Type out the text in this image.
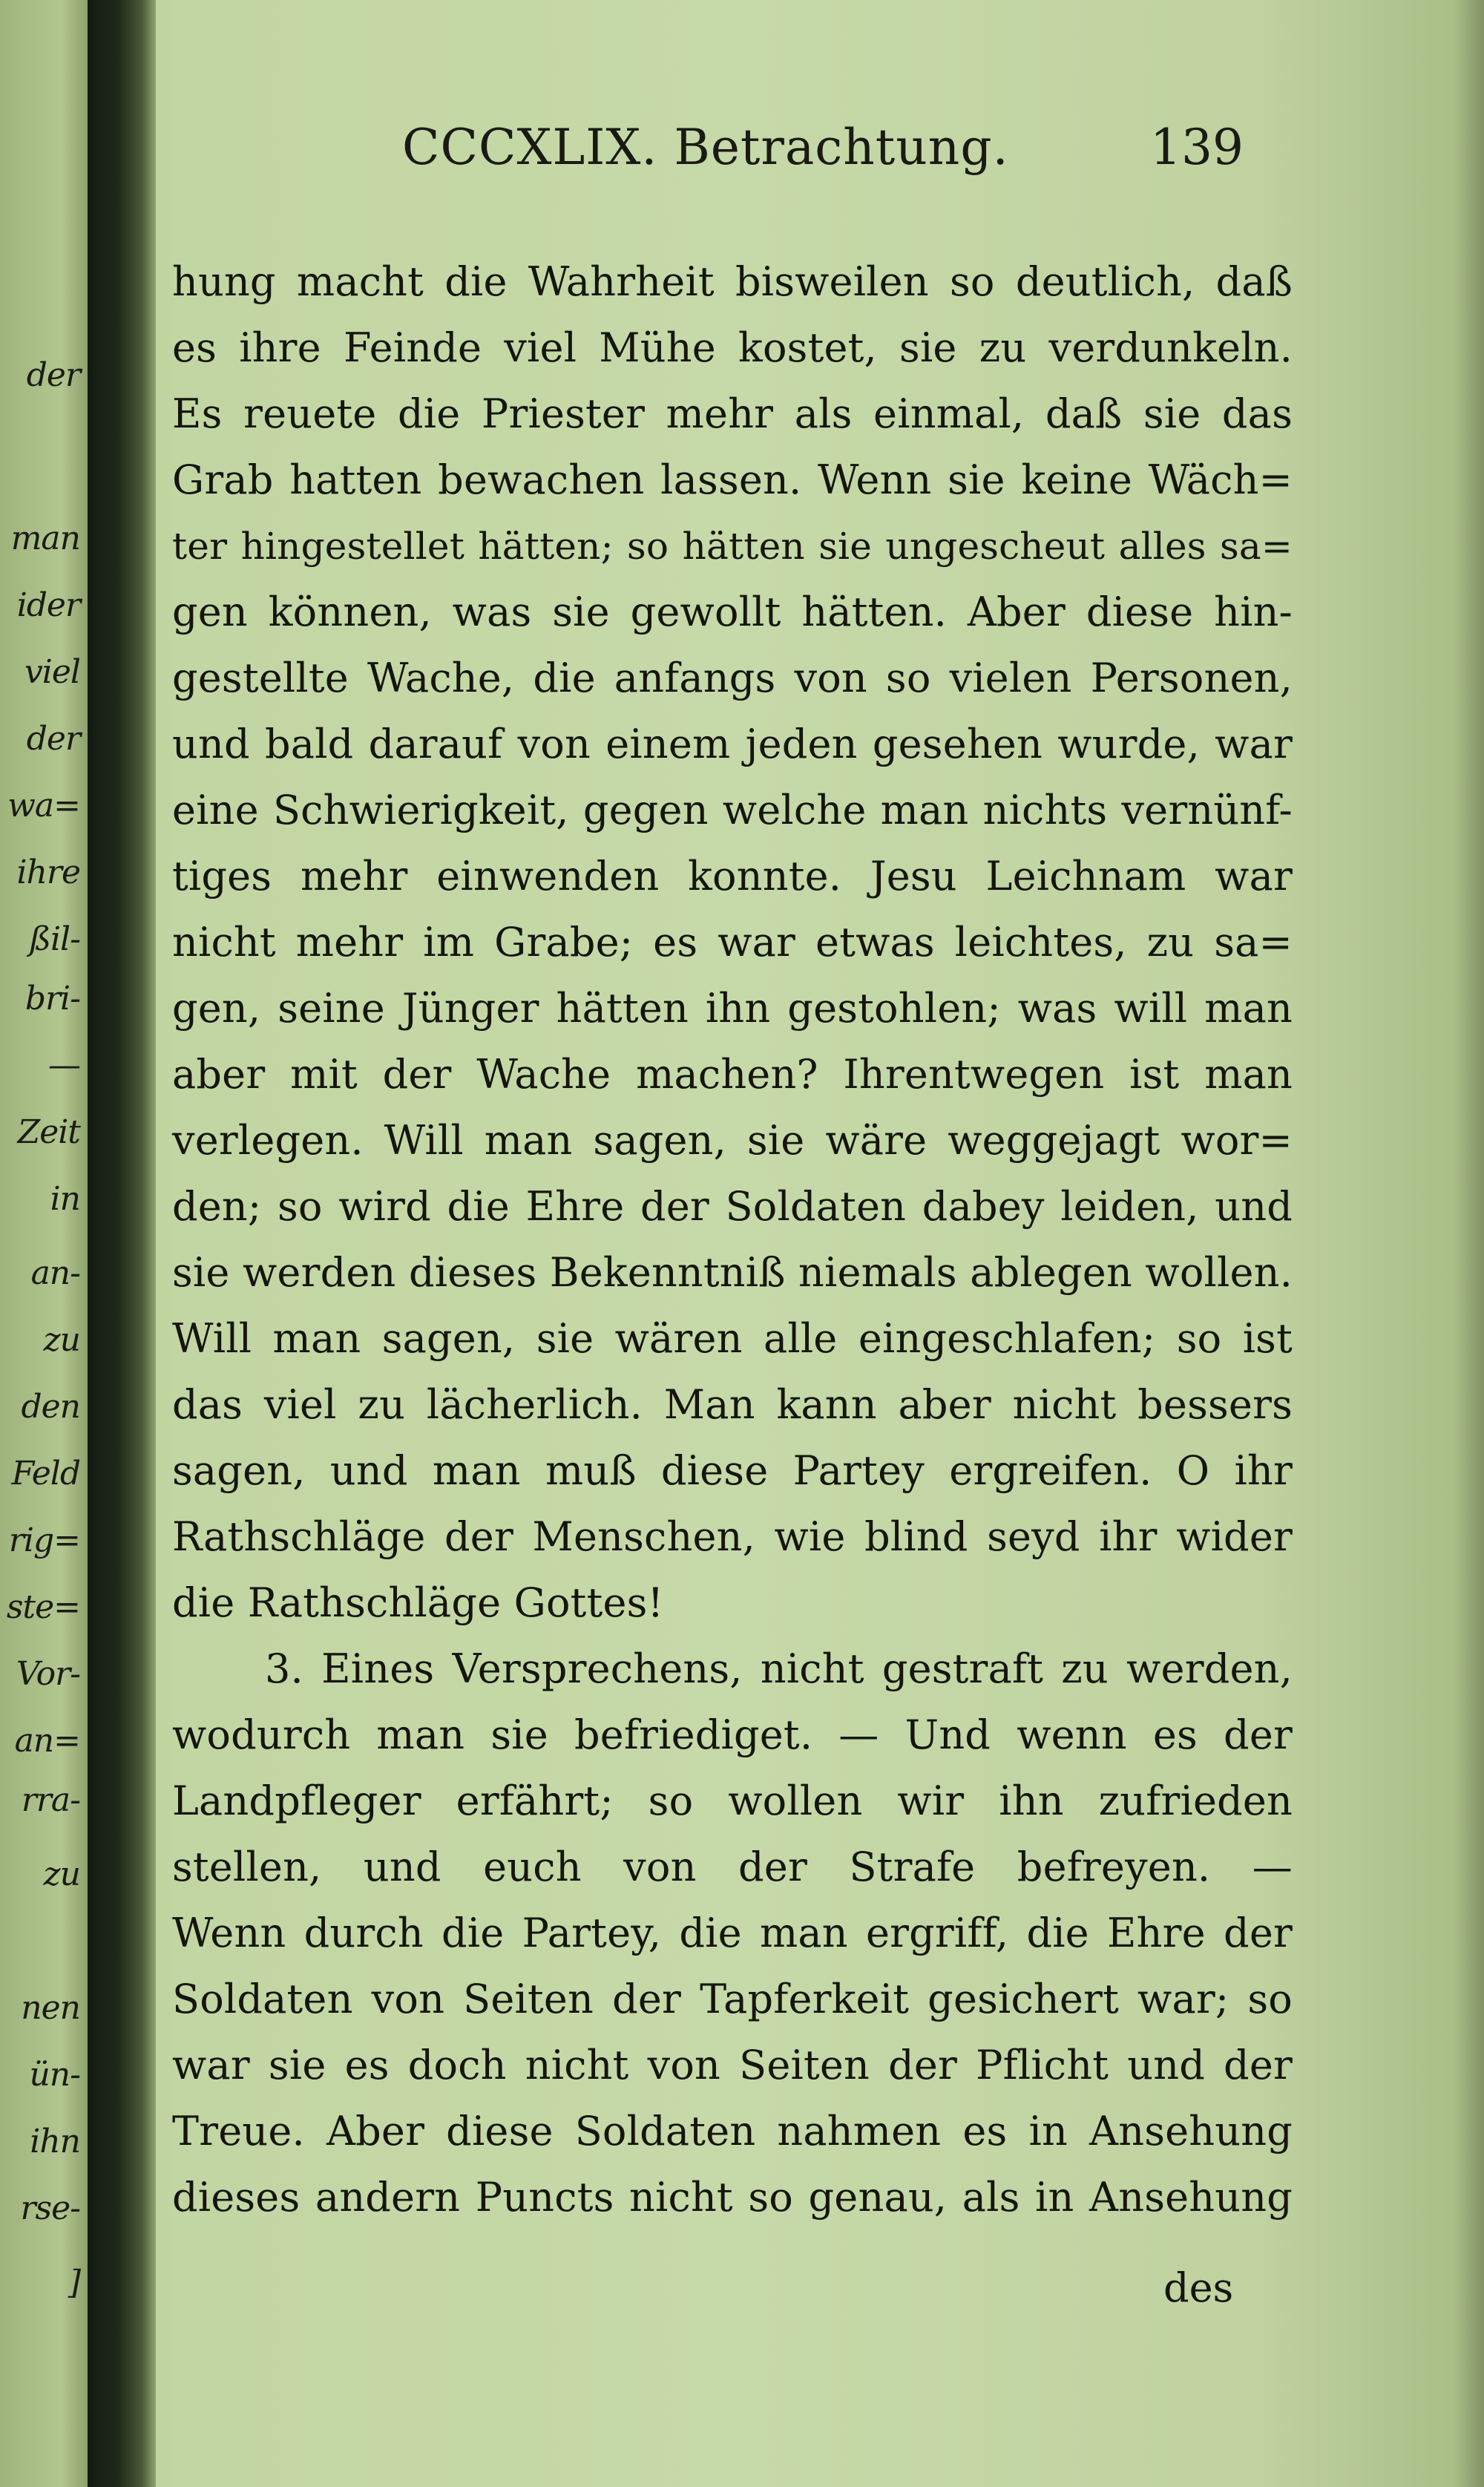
der
man
ider
viel
der
wa=
ihre
ßil-
bri-
—
Zeit
in
an-
zu
den
Feld
rig=
ste=
Vor-
an=
rra-
zu
nen
ün-
ihn
rse-
]
CCCXLIX. Betrachtung.	139
hung macht die Wahrheit bisweilen so deutlich, daß
es ihre Feinde viel Mühe kostet, sie zu verdunkeln.
Es reuete die Priester mehr als einmal, daß sie das
Grab hatten bewachen lassen. Wenn sie keine Wäch=
ter hingestellet hätten; so hätten sie ungescheut alles sa=
gen können, was sie gewollt hätten. Aber diese hin-
gestellte Wache, die anfangs von so vielen Personen,
und bald darauf von einem jeden gesehen wurde, war
eine Schwierigkeit, gegen welche man nichts vernünf-
tiges mehr einwenden konnte. Jesu Leichnam war
nicht mehr im Grabe; es war etwas leichtes, zu sa=
gen, seine Jünger hätten ihn gestohlen; was will man
aber mit der Wache machen? Ihrentwegen ist man
verlegen. Will man sagen, sie wäre weggejagt wor=
den; so wird die Ehre der Soldaten dabey leiden, und
sie werden dieses Bekenntniß niemals ablegen wollen.
Will man sagen, sie wären alle eingeschlafen; so ist
das viel zu lächerlich. Man kann aber nicht bessers
sagen, und man muß diese Partey ergreifen. O ihr
Rathschläge der Menschen, wie blind seyd ihr wider
die Rathschläge Gottes!
3. Eines Versprechens, nicht gestraft zu werden,
wodurch man sie befriediget. — Und wenn es der
Landpfleger erfährt; so wollen wir ihn zufrieden
stellen, und euch von der Strafe befreyen. —
Wenn durch die Partey, die man ergriff, die Ehre der
Soldaten von Seiten der Tapferkeit gesichert war; so
war sie es doch nicht von Seiten der Pflicht und der
Treue. Aber diese Soldaten nahmen es in Ansehung
dieses andern Puncts nicht so genau, als in Ansehung
des
